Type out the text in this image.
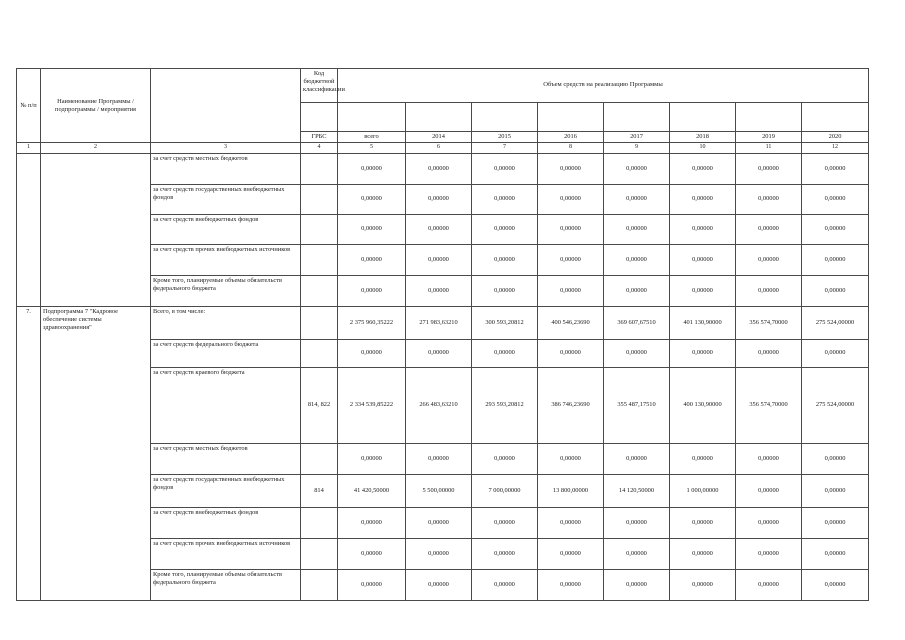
№ п/п	Наименование Программы / подпрограммы / мероприятия		Код бюджетной классификации	Объем средств на реализацию Программы							

			ГРБС	всего	2014	2015	2016	2017	2018	2019	2020
1	2	3	4	5	6	7	8	9	10	11	12
		за счет средств местных бюджетов		0,00000	0,00000	0,00000	0,00000	0,00000	0,00000	0,00000	0,00000
		за счет средств государственных внебюджетных фондов		0,00000	0,00000	0,00000	0,00000	0,00000	0,00000	0,00000	0,00000
		за счет средств внебюджетных фондов		0,00000	0,00000	0,00000	0,00000	0,00000	0,00000	0,00000	0,00000
		за счет средств прочих внебюджетных источников		0,00000	0,00000	0,00000	0,00000	0,00000	0,00000	0,00000	0,00000
		Кроме того, планируемые объемы обязательств федерального бюджета		0,00000	0,00000	0,00000	0,00000	0,00000	0,00000	0,00000	0,00000
7.	Подпрограмма 7 "Кадровое обеспечение системы здравоохранения"	Всего, в том числе:		2 375 960,35222	271 983,63210	300 593,20812	400 546,23690	369 607,67510	401 130,90000	356 574,70000	275 524,00000
		за счет средств федерального бюджета		0,00000	0,00000	0,00000	0,00000	0,00000	0,00000	0,00000	0,00000
		за счет средств краевого бюджета	814, 822	2 334 539,85222	266 483,63210	293 593,20812	386 746,23690	355 487,17510	400 130,90000	356 574,70000	275 524,00000
		за счет средств местных бюджетов		0,00000	0,00000	0,00000	0,00000	0,00000	0,00000	0,00000	0,00000
		за счет средств государственных внебюджетных фондов	814	41 420,50000	5 500,00000	7 000,00000	13 800,00000	14 120,50000	1 000,00000	0,00000	0,00000
		за счет средств внебюджетных фондов		0,00000	0,00000	0,00000	0,00000	0,00000	0,00000	0,00000	0,00000
		за счет средств прочих внебюджетных источников		0,00000	0,00000	0,00000	0,00000	0,00000	0,00000	0,00000	0,00000
		Кроме того, планируемые объемы обязательств федерального бюджета		0,00000	0,00000	0,00000	0,00000	0,00000	0,00000	0,00000	0,00000
